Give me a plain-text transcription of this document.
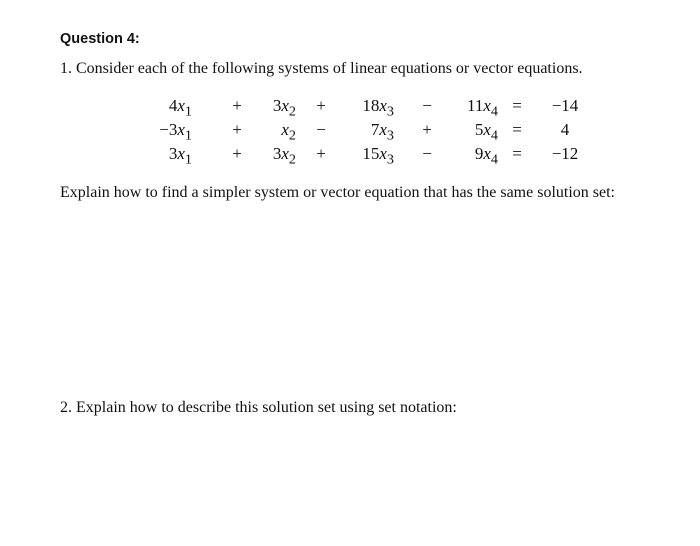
Question 4:
1. Consider each of the following systems of linear equations or vector equations.
$4x_1$	+	$3x_2$	+	$18x_3$	−	$11x_4$ =	−14
$-3x_1$	+	$x_2$	−	$7x_3$	+	$5x_4$ =	4
$3x_1$	+	$3x_2$	+	$15x_3$	−	$9x_4$ =	−12
Explain how to find a simpler system or vector equation that has the same solution set:
2. Explain how to describe this solution set using set notation:
